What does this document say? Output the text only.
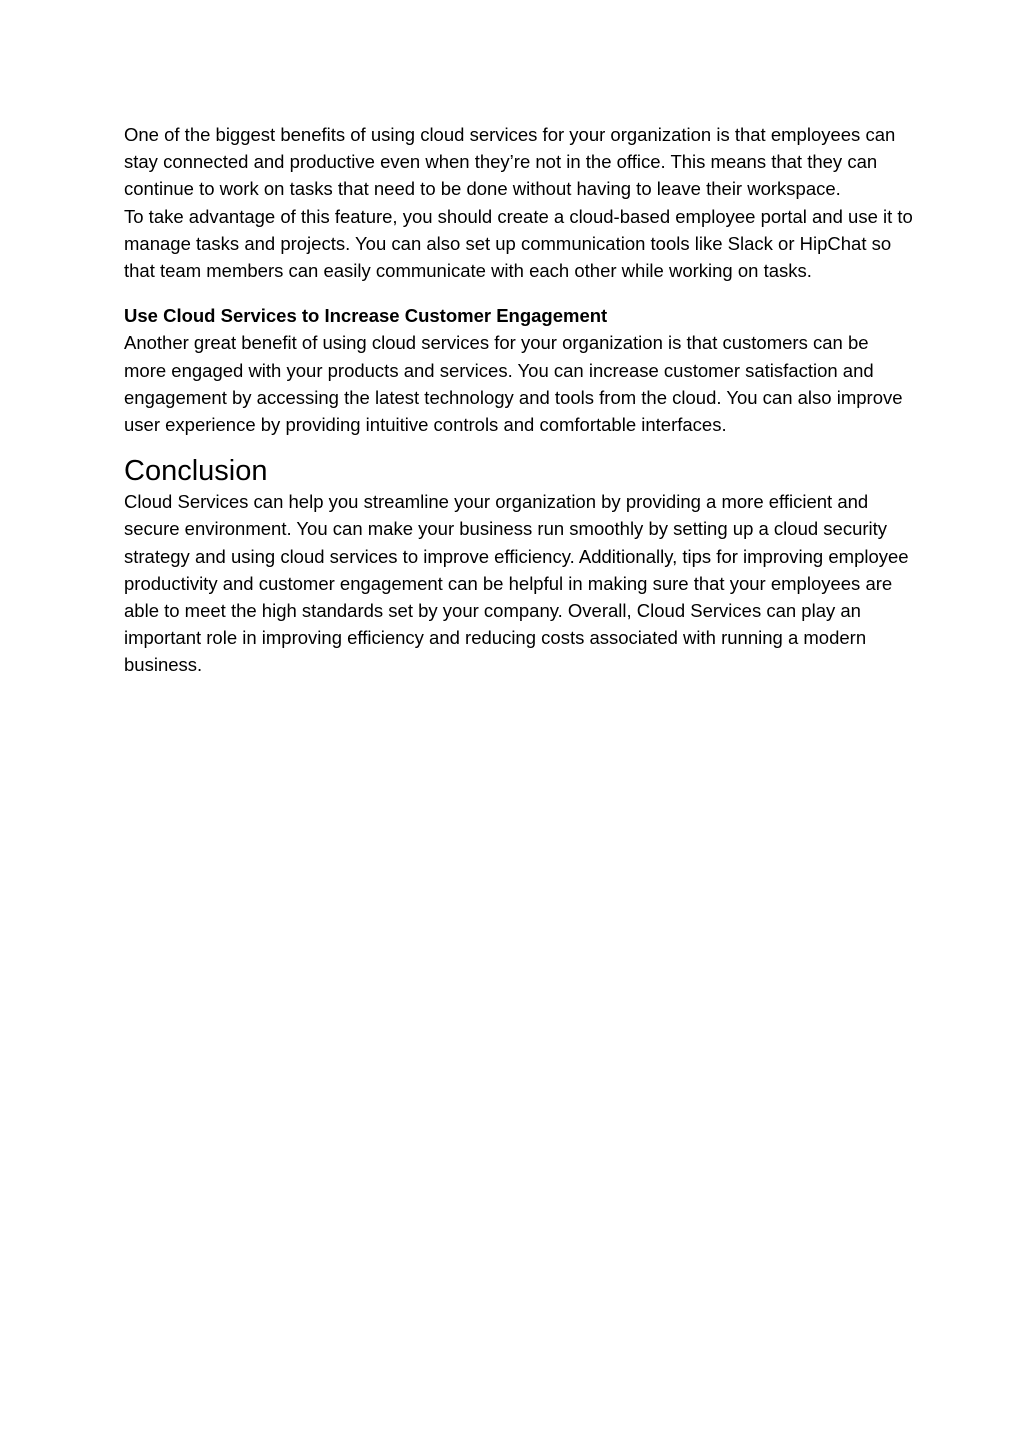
One of the biggest benefits of using cloud services for your organization is that employees can stay connected and productive even when they’re not in the office. This means that they can continue to work on tasks that need to be done without having to leave their workspace.

To take advantage of this feature, you should create a cloud-based employee portal and use it to manage tasks and projects. You can also set up communication tools like Slack or HipChat so that team members can easily communicate with each other while working on tasks.

Use Cloud Services to Increase Customer Engagement

Another great benefit of using cloud services for your organization is that customers can be more engaged with your products and services. You can increase customer satisfaction and engagement by accessing the latest technology and tools from the cloud. You can also improve user experience by providing intuitive controls and comfortable interfaces.

Conclusion

Cloud Services can help you streamline your organization by providing a more efficient and secure environment. You can make your business run smoothly by setting up a cloud security strategy and using cloud services to improve efficiency. Additionally, tips for improving employee productivity and customer engagement can be helpful in making sure that your employees are able to meet the high standards set by your company. Overall, Cloud Services can play an important role in improving efficiency and reducing costs associated with running a modern business.
